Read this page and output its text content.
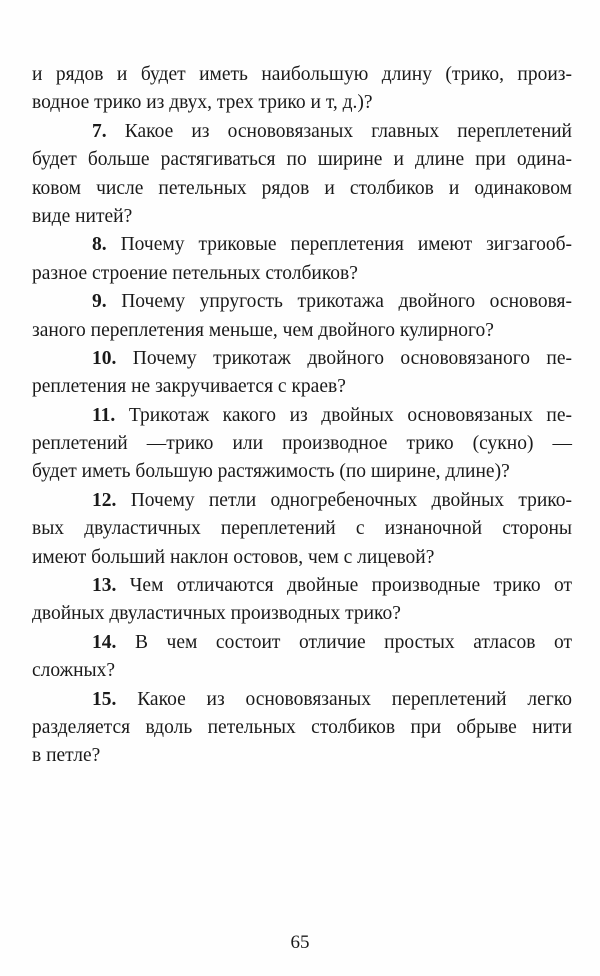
и рядов и будет иметь наибольшую длину (трико, произ-
водное трико из двух, трех трико и т, д.)?
7. Какое из основовязаных главных переплетений
будет больше растягиваться по ширине и длине при одина-
ковом числе петельных рядов и столбиков и одинаковом
виде нитей?
8. Почему триковые переплетения имеют зигзагооб-
разное строение петельных столбиков?
9. Почему упругость трикотажа двойного основовя-
заного переплетения меньше, чем двойного кулирного?
10. Почему трикотаж двойного основовязаного пе-
реплетения не закручивается с краев?
11. Трикотаж какого из двойных основовязаных пе-
реплетений —трико или производное трико (сукно) —
будет иметь большую растяжимость (по ширине, длине)?
12. Почему петли одногребеночных двойных трико-
вых двуластичных переплетений с изнаночной стороны
имеют больший наклон остовов, чем с лицевой?
13. Чем отличаются двойные производные трико от
двойных двуластичных производных трико?
14. В чем состоит отличие простых атласов от
сложных?
15. Какое из основовязаных переплетений легко
разделяется вдоль петельных столбиков при обрыве нити
в петле?
65
